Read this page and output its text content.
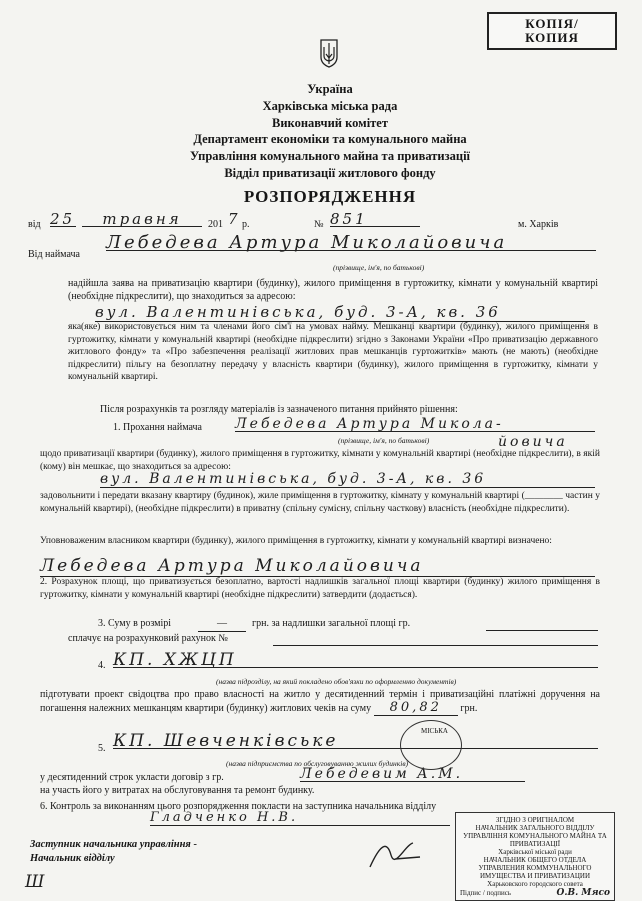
КОПІЯ/
КОПИЯ
Україна
Харківська міська рада
Виконавчий комітет
Департамент економіки та комунального майна
Управління комунального майна та приватизації
Відділ приватизації житлового фонду
РОЗПОРЯДЖЕННЯ
від 25	травня	201 7 р.	№ 851	м. Харків
Від наймача
Лебедева Артура Миколайовича
(прізвище, ім'я, по батькові)
надійшла заява на приватизацію квартири (будинку), жилого приміщення в гуртожитку, кімнати у комунальній квартирі (необхідне підкреслити), що знаходиться за адресою:
вул. Валентинівська, буд. 3-А, кв. 36
яка(яке) використовується ним та членами його сім'ї на умовах найму. Мешканці квартири (будинку), жилого приміщення в гуртожитку, кімнати у комунальній квартирі (необхідне підкреслити) згідно з Законами України «Про приватизацію державного житлового фонду» та «Про забезпечення реалізації житлових прав мешканців гуртожитків» мають (не мають) (необхідне підкреслити) пільгу на безоплатну передачу у власність квартири (будинку), жилого приміщення в гуртожитку, кімнати у комунальній квартирі.
Після розрахунків та розгляду матеріалів із зазначеного питання прийнято рішення:
1. Прохання наймача Лебедева Артура Микола-
(прізвище, ім'я, по батькові)	йовича
щодо приватизації квартири (будинку), жилого приміщення в гуртожитку, кімнати у комунальній квартирі (необхідне підкреслити), в якій (кому) він мешкає, що знаходиться за адресою:
вул. Валентинівська, буд. 3-А, кв. 36
задовольнити і передати вказану квартиру (будинок), жиле приміщення в гуртожитку, кімнату у комунальній квартирі (________ частин у комунальній квартирі), (необхідне підкреслити) в приватну (спільну сумісну, спільну часткову) власність (необхідне підкреслити).
Уповноваженим власником квартири (будинку), жилого приміщення в гуртожитку, кімнати у комунальній квартирі визначено:
Лебедева Артура Миколайовича
2. Розрахунок площі, що приватизується безоплатно, вартості надлишків загальної площі квартири (будинку) жилого приміщення в гуртожитку, кімнати у комунальній квартирі (необхідне підкреслити) затвердити (додається).
3. Суму в розмірі	—	грн. за надлишки загальної площі гр.
сплачує на розрахунковий рахунок №
4. КП. ХЖЦП
(назва підрозділу, на який покладено обов'язки по оформленню документів)
підготувати проект свідоцтва про право власності на житло у десятиденний термін і приватизаційні платіжні доручення на погашення належних мешканцям квартири (будинку) житлових чеків на суму 80,82 грн.
5. КП. Шевченківське
(назва підприємства по обслуговуванню жилих будинків)
у десятиденний строк укласти договір з гр.	Лебедевим А.М.
на участь його у витратах на обслуговування та ремонт будинку.
6. Контроль за виконанням цього розпорядження покласти на заступника начальника відділу
Гладченко Н.В.
Заступник начальника управління -
Начальник відділу
Ш
МІСЬКА
ЗГІДНО З ОРИГІНАЛОМ
НАЧАЛЬНИК ЗАГАЛЬНОГО ВІДДІЛУ
УПРАВЛІННЯ КОМУНАЛЬНОГО МАЙНА ТА ПРИВАТИЗАЦІЇ
Харківської міської ради
НАЧАЛЬНИК ОБЩЕГО ОТДЕЛА
УПРАВЛЕНИЯ КОММУНАЛЬНОГО ИМУЩЕСТВА И ПРИВАТИЗАЦИИ
Харьковского городского совета
Підпис / подпись	О.В. Мясо
